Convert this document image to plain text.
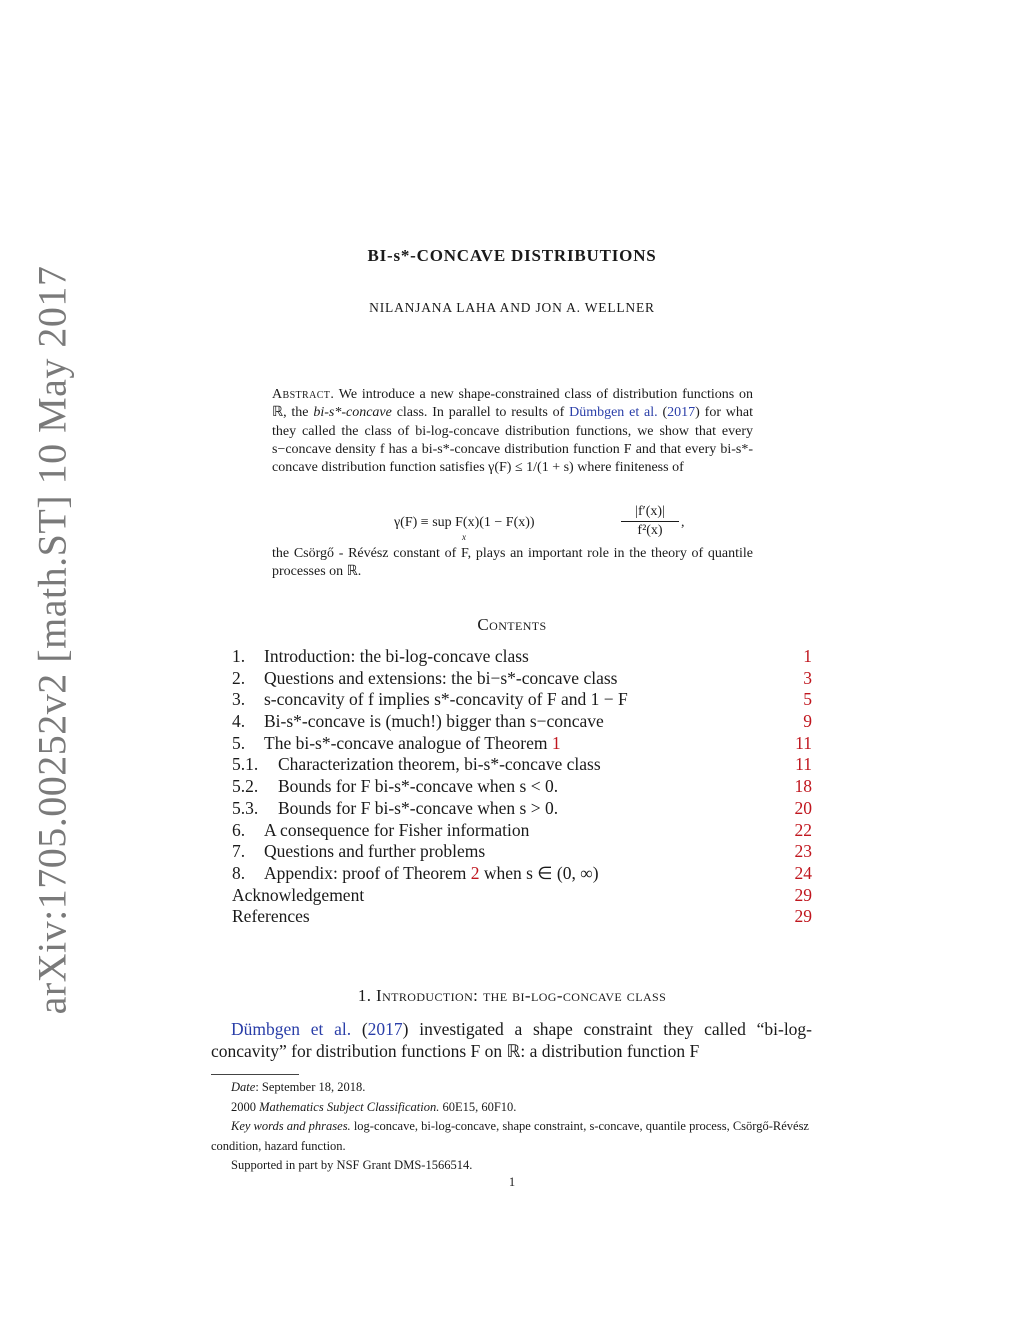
arXiv:1705.00252v2 [math.ST] 10 May 2017
BI-s*-CONCAVE DISTRIBUTIONS
NILANJANA LAHA AND JON A. WELLNER
Abstract. We introduce a new shape-constrained class of distribution functions on ℝ, the bi-s*-concave class. In parallel to results of Dümbgen et al. (2017) for what they called the class of bi-log-concave distribution functions, we show that every s−concave density f has a bi-s*-concave distribution function F and that every bi-s*-concave distribution function satisfies γ(F) ≤ 1/(1 + s) where finiteness of
γ(F) ≡ sup F(x)(1 − F(x))
x
|f′(x)|
f²(x)
,
the Csörgő - Révész constant of F, plays an important role in the theory of quantile processes on ℝ.
Contents
1. Introduction: the bi-log-concave class	1
2. Questions and extensions: the bi−s*-concave class	3
3. s-concavity of f implies s*-concavity of F and 1 − F	5
4. Bi-s*-concave is (much!) bigger than s−concave	9
5. The bi-s*-concave analogue of Theorem 1	11
5.1. Characterization theorem, bi-s*-concave class	11
5.2. Bounds for F bi-s*-concave when s < 0.	18
5.3. Bounds for F bi-s*-concave when s > 0.	20
6. A consequence for Fisher information	22
7. Questions and further problems	23
8. Appendix: proof of Theorem 2 when s ∈ (0, ∞)	24
Acknowledgement	29
References	29
1. Introduction: the bi-log-concave class
Dümbgen et al. (2017) investigated a shape constraint they called “bi-log-concavity” for distribution functions F on ℝ: a distribution function F
Date: September 18, 2018.
2000 Mathematics Subject Classification. 60E15, 60F10.
Key words and phrases. log-concave, bi-log-concave, shape constraint, s-concave, quantile process, Csörgő-Révész condition, hazard function.
Supported in part by NSF Grant DMS-1566514.
1
